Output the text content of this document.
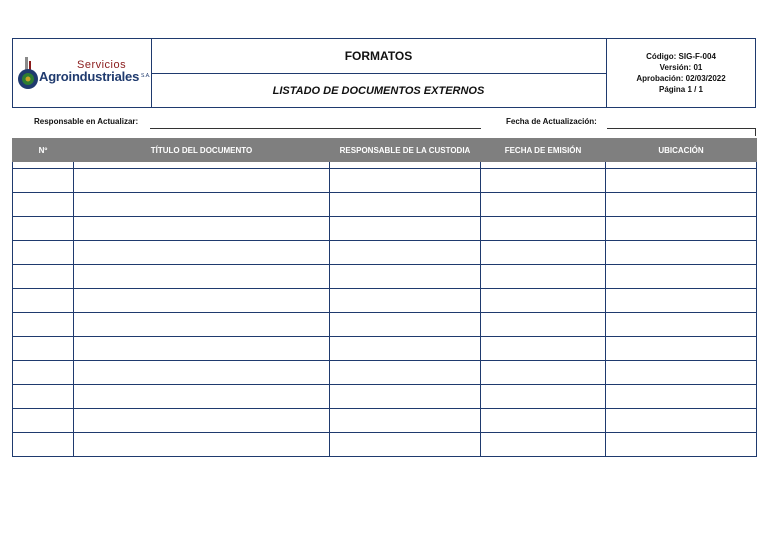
Servicios
Agroindustriales S.A.
FORMATOS
LISTADO DE DOCUMENTOS EXTERNOS
Código: SIG-F-004
Versión: 01
Aprobación: 02/03/2022
Página 1 / 1
Responsable en Actualizar:	Fecha de Actualización:
Nº	TÍTULO DEL DOCUMENTO	RESPONSABLE DE LA CUSTODIA	FECHA DE EMISIÓN	UBICACIÓN
